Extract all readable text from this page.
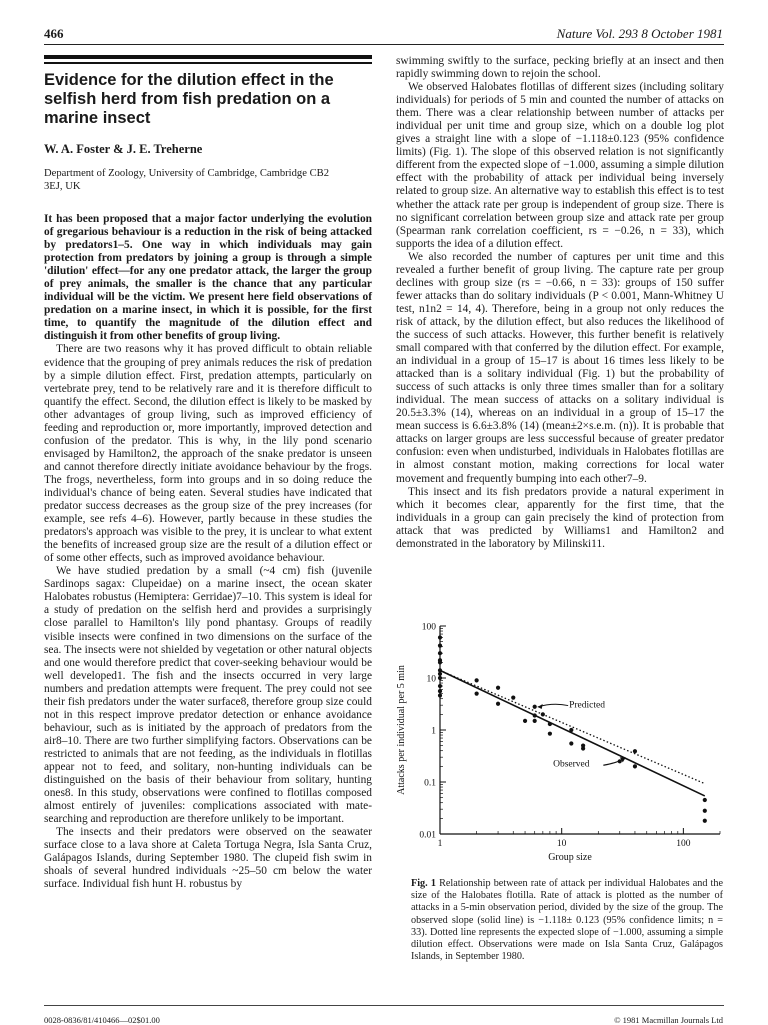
466	Nature Vol. 293 8 October 1981
Evidence for the dilution effect in the selfish herd from fish predation on a marine insect
W. A. Foster & J. E. Treherne
Department of Zoology, University of Cambridge, Cambridge CB2 3EJ, UK

It has been proposed that a major factor underlying the evolution of gregarious behaviour is a reduction in the risk of being attacked by predators1–5. One way in which individuals may gain protection from predators by joining a group is through a simple 'dilution' effect—for any one predator attack, the larger the group of prey animals, the smaller is the chance that any particular individual will be the victim. We present here field observations of predation on a marine insect, in which it is possible, for the first time, to quantify the magnitude of the dilution effect and distinguish it from other benefits of group living.

There are two reasons why it has proved difficult to obtain reliable evidence that the grouping of prey animals reduces the risk of predation by a simple dilution effect. First, predation attempts, particularly on vertebrate prey, tend to be relatively rare and it is therefore difficult to quantify the effect. Second, the dilution effect is likely to be masked by other advantages of group living, such as improved efficiency of feeding and reproduction or, more importantly, improved detection and confusion of the predator. This is why, in the lily pond scenario envisaged by Hamilton2, the approach of the snake predator is unseen and cannot therefore directly initiate avoidance behaviour by the frogs. The frogs, nevertheless, form into groups and in so doing reduce the individual's chance of being eaten. Several studies have indicated that predator success decreases as the group size of the prey increases (for example, see refs 4–6). However, partly because in these studies the predators's approach was visible to the prey, it is unclear to what extent the benefits of increased group size are the result of a dilution effect or of some other effects, such as improved avoidance behaviour.

We have studied predation by a small (~4 cm) fish (juvenile Sardinops sagax: Clupeidae) on a marine insect, the ocean skater Halobates robustus (Hemiptera: Gerridae)7–10. This system is ideal for a study of predation on the selfish herd and provides a surprisingly close parallel to Hamilton's lily pond phantasy. Groups of readily visible insects were confined in two dimensions on the surface of the sea. The insects were not shielded by vegetation or other natural objects and one would therefore predict that cover-seeking behaviour would be well developed1. The fish and the insects occurred in very large numbers and predation attempts were frequent. The prey could not see their fish predators under the water surface8, therefore group size could not in this respect improve predator detection or enhance avoidance behaviour, such as is initiated by the approach of predators from the air8–10. There are two further simplifying factors. Observations can be restricted to animals that are not feeding, as the individuals in flotillas appear not to feed, and solitary, non-hunting individuals can be distinguished on the basis of their behaviour from solitary, hunting ones8. In this study, observations were confined to flotillas composed almost entirely of juveniles: complications associated with mate-searching and reproduction are therefore unlikely to be important.

The insects and their predators were observed on the seawater surface close to a lava shore at Caleta Tortuga Negra, Isla Santa Cruz, Galápagos Islands, during September 1980. The clupeid fish swim in shoals of several hundred individuals ~25–50 cm below the water surface. Individual fish hunt H. robustus by

swimming swiftly to the surface, pecking briefly at an insect and then rapidly swimming down to rejoin the school.

We observed Halobates flotillas of different sizes (including solitary individuals) for periods of 5 min and counted the number of attacks on them. There was a clear relationship between number of attacks per individual per unit time and group size, which on a double log plot gives a straight line with a slope of −1.118±0.123 (95% confidence limits) (Fig. 1). The slope of this observed relation is not significantly different from the expected slope of −1.000, assuming a simple dilution effect with the probability of attack per individual being inversely related to group size. An alternative way to establish this effect is to test whether the attack rate per group is independent of group size. There is no significant correlation between group size and attack rate per group (Spearman rank correlation coefficient, rs = −0.26, n = 33), which supports the idea of a dilution effect.

We also recorded the number of captures per unit time and this revealed a further benefit of group living. The capture rate per group declines with group size (rs = −0.66, n = 33): groups of 150 suffer fewer attacks than do solitary individuals (P < 0.001, Mann-Whitney U test, n1n2 = 14, 4). Therefore, being in a group not only reduces the risk of attack, by the dilution effect, but also reduces the likelihood of the success of such attacks. However, this further benefit is relatively small compared with that conferred by the dilution effect. For example, an individual in a group of 15–17 is about 16 times less likely to be attacked than is a solitary individual (Fig. 1) but the probability of success of such attacks is only three times smaller than for a solitary individual. The mean success of attacks on a solitary individual is 20.5±3.3% (14), whereas on an individual in a group of 15–17 the mean success is 6.6±3.8% (14) (mean±2×s.e.m. (n)). It is probable that attacks on larger groups are less successful because of greater predator confusion: even when undisturbed, individuals in Halobates flotillas are in almost constant motion, making corrections for local water movement and frequently bumping into each other7–9.

This insect and its fish predators provide a natural experiment in which it becomes clear, apparently for the first time, that the individuals in a group can gain precisely the kind of protection from attack that was predicted by Williams1 and Hamilton2 and demonstrated in the laboratory by Milinski11.

0.01
0.1
1
10
100
1	10	100
Group size
Attacks per individual per 5 min	Predicted
Observed
Fig. 1 Relationship between rate of attack per individual Halobates and the size of the Halobates flotilla. Rate of attack is plotted as the number of attacks in a 5-min observation period, divided by the size of the group. The observed slope (solid line) is −1.118± 0.123 (95% confidence limits; n = 33). Dotted line represents the expected slope of −1.000, assuming a simple dilution effect. Observations were made on Isla Santa Cruz, Galápagos Islands, in September 1980.
0028-0836/81/410466—02$01.00	© 1981 Macmillan Journals Ltd
